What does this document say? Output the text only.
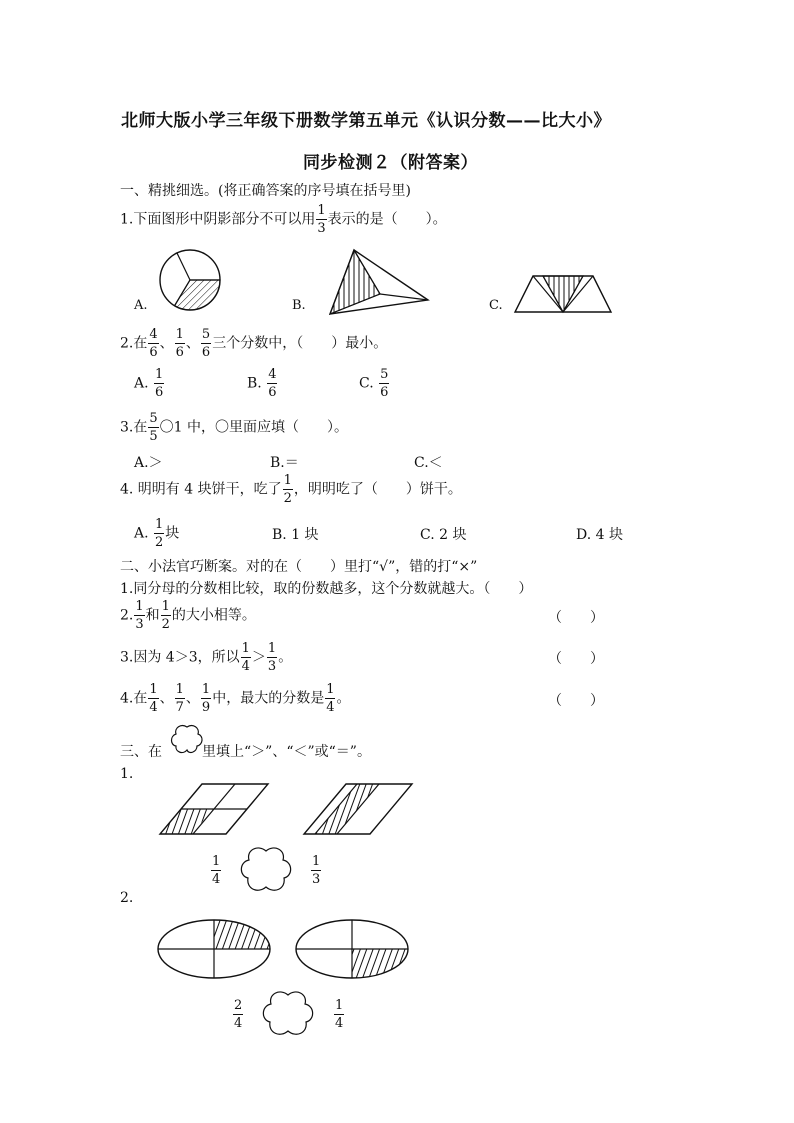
北师大版小学三年级下册数学第五单元《认识分数——比大小》
同步检测２（附答案）
一、精挑细选。(将正确答案的序号填在括号里)
1.下面图形中阴影部分不可以用 $\frac{1}{3}$ 表示的是（　　）。
A.	B.	C.
2.在 $\frac{4}{6}$ 、 $\frac{1}{6}$ 、 $\frac{5}{6}$ 三个分数中，（　　）最小。
A. $\frac{1}{6}$	B. $\frac{4}{6}$	C. $\frac{5}{6}$
3.在 $\frac{5}{5}$ 〇1 中，〇里面应填（　　）。
A.＞	B.＝	C.＜
4. 明明有 4 块饼干，吃了 $\frac{1}{2}$ ，明明吃了（　　）饼干。
A. $\frac{1}{2}$ 块	B. 1 块	C. 2 块	D. 4 块
二、小法官巧断案。对的在（　　）里打“√”，错的打“×”
1.同分母的分数相比较，取的份数越多，这个分数就越大。（　　）
2. $\frac{1}{3}$ 和 $\frac{1}{2}$ 的大小相等。	（　　）
3.因为 4＞3，所以 $\frac{1}{4} > \frac{1}{3}$ 。	（　　）
4.在 $\frac{1}{4}$ 、 $\frac{1}{7}$ 、 $\frac{1}{9}$ 中，最大的分数是 $\frac{1}{4}$ 。	（　　）
三、在	里填上“＞”、“＜”或“＝”。
1.
$\frac{1}{4}$	$\frac{1}{3}$
2.
$\frac{2}{4}$	$\frac{1}{4}$
